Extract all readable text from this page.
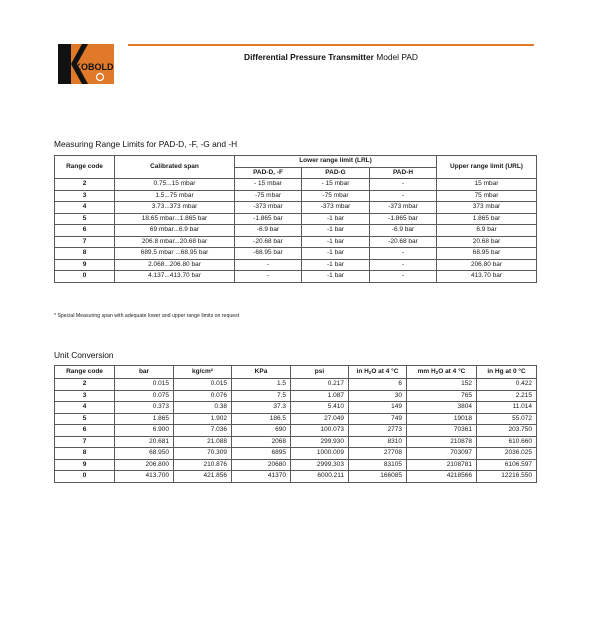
KOBOLD
Differential Pressure Transmitter Model PAD
Measuring Range Limits for PAD-D, -F, -G and -H
Range code	Calibrated span	Lower range limit (LRL)			Upper range limit (URL)
		PAD-D, -F	PAD-G	PAD-H	
2	0.75...15 mbar	- 15 mbar	- 15 mbar	-	15 mbar
3	1.5...75 mbar	-75 mbar	-75 mbar	-	75 mbar
4	3.73...373 mbar	-373 mbar	-373 mbar	-373 mbar	373 mbar
5	18.65 mbar...1.865 bar	-1.865 bar	-1 bar	-1.865 bar	1.865 bar
6	69 mbar...6.9 bar	-6.9 bar	-1 bar	-6.9 bar	6.9 bar
7	206.8 mbar...20.68 bar	-20.68 bar	-1 bar	-20.68 bar	20.68 bar
8	689.5 mbar ...68.95 bar	-68.95 bar	-1 bar	-	68.95 bar
9	2.068...206.80 bar	-	-1 bar	-	206.80 bar
0	4.137...413.70 bar	-	-1 bar	-	413.70 bar
* Special Measuring span with adequate lower and upper range limits on request
Unit Conversion
Range code	bar	kg/cm²	KPa	psi	in $H_2O$ at 4 °C	mm $H_2O$ at 4 °C	in Hg at 0 °C
2	0.015	0.015	1.5	0.217	6	152	0.422
3	0.075	0.076	7.5	1.087	30	765	2.215
4	0.373	0.38	37.3	5.410	149	3804	11.014
5	1.865	1.902	186.5	27.049	749	19018	55.072
6	6.900	7.036	690	100.073	2773	70361	203.750
7	20.681	21.088	2068	299.930	8310	210878	610.660
8	68.950	70.309	6895	1000.009	27708	703097	2036.025
9	206.800	210.876	20680	2999.303	83105	2108781	6106.597
0	413.700	421.856	41370	6000.211	166085	4218566	12216.550
